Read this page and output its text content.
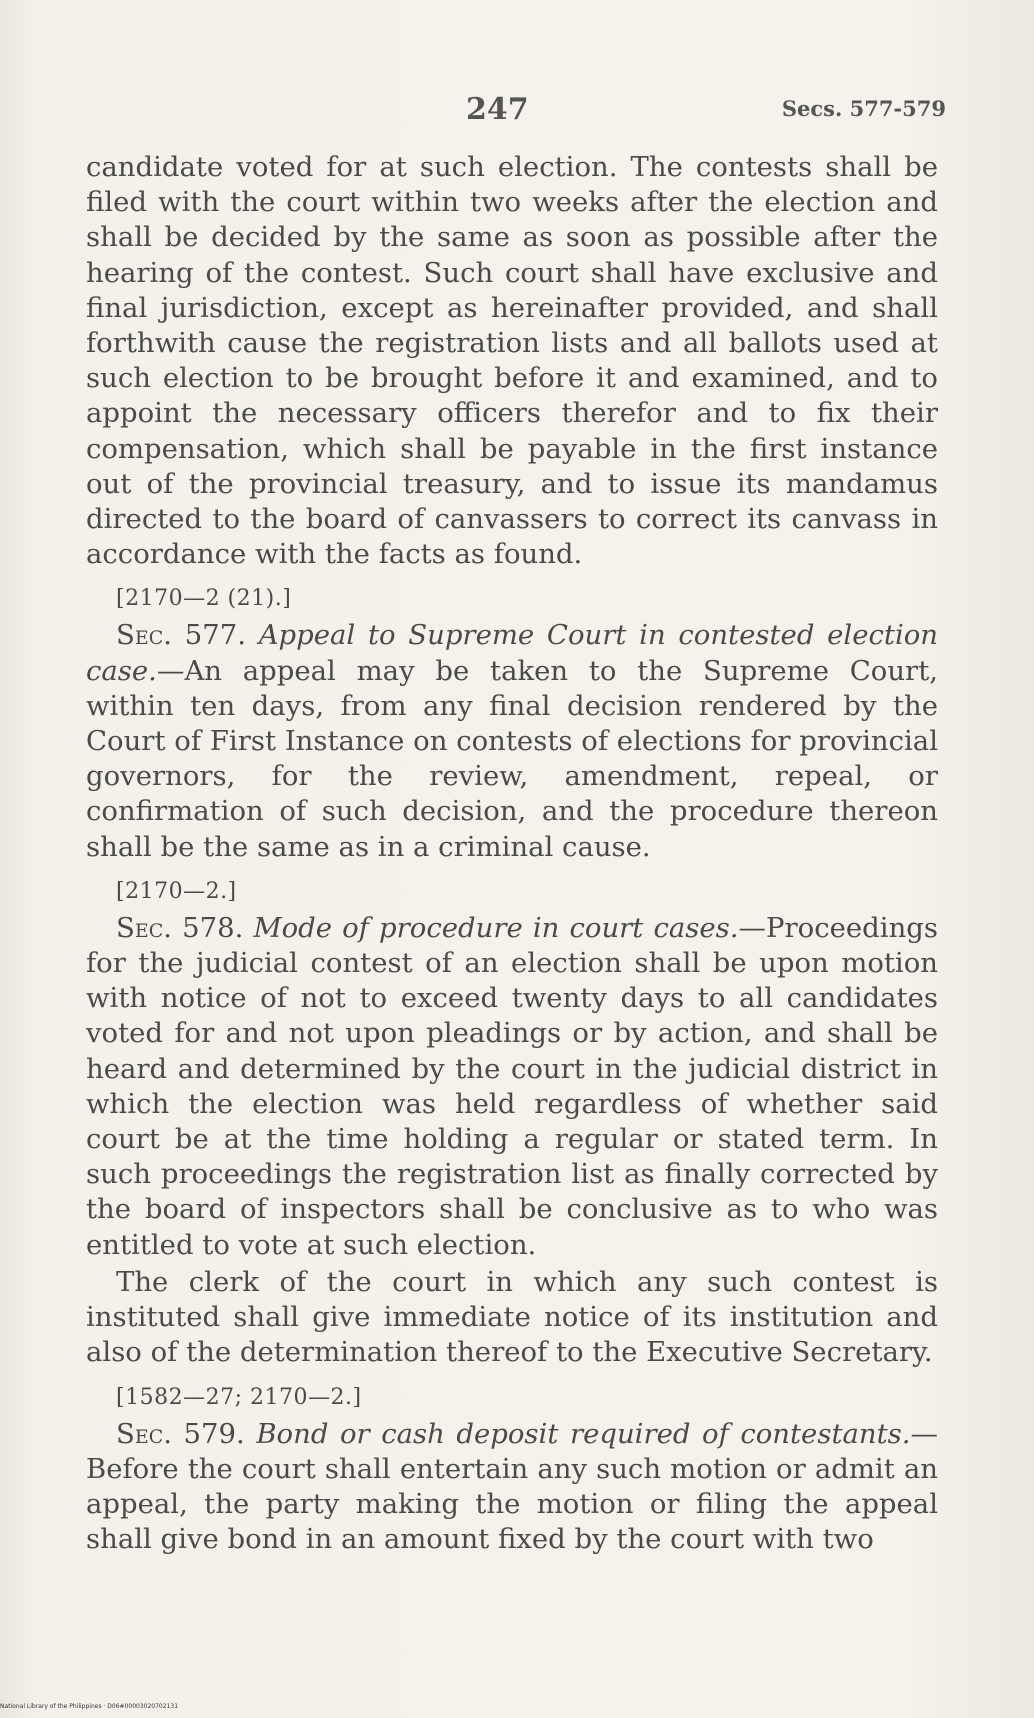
247	Secs. 577-579

candidate voted for at such election. The contests shall be filed with the court within two weeks after the election and shall be decided by the same as soon as possible after the hearing of the contest. Such court shall have exclusive and final jurisdiction, except as hereinafter provided, and shall forthwith cause the registration lists and all ballots used at such election to be brought before it and examined, and to appoint the necessary officers therefor and to fix their compensation, which shall be payable in the first instance out of the provincial treasury, and to issue its mandamus directed to the board of canvassers to correct its canvass in accordance with the facts as found.

[2170—2 (21).]

Sec. 577. Appeal to Supreme Court in contested election case.—An appeal may be taken to the Supreme Court, within ten days, from any final decision rendered by the Court of First Instance on contests of elections for provincial governors, for the review, amendment, repeal, or confirmation of such decision, and the procedure thereon shall be the same as in a criminal cause.

[2170—2.]

Sec. 578. Mode of procedure in court cases.—Proceedings for the judicial contest of an election shall be upon motion with notice of not to exceed twenty days to all candidates voted for and not upon pleadings or by action, and shall be heard and determined by the court in the judicial district in which the election was held regardless of whether said court be at the time holding a regular or stated term. In such proceedings the registration list as finally corrected by the board of inspectors shall be conclusive as to who was entitled to vote at such election.

The clerk of the court in which any such contest is instituted shall give immediate notice of its institution and also of the determination thereof to the Executive Secretary.

[1582—27; 2170—2.]

Sec. 579. Bond or cash deposit required of contestants.— Before the court shall entertain any such motion or admit an appeal, the party making the motion or filing the appeal shall give bond in an amount fixed by the court with two

National Library of the Philippines · D06#00003020702131
